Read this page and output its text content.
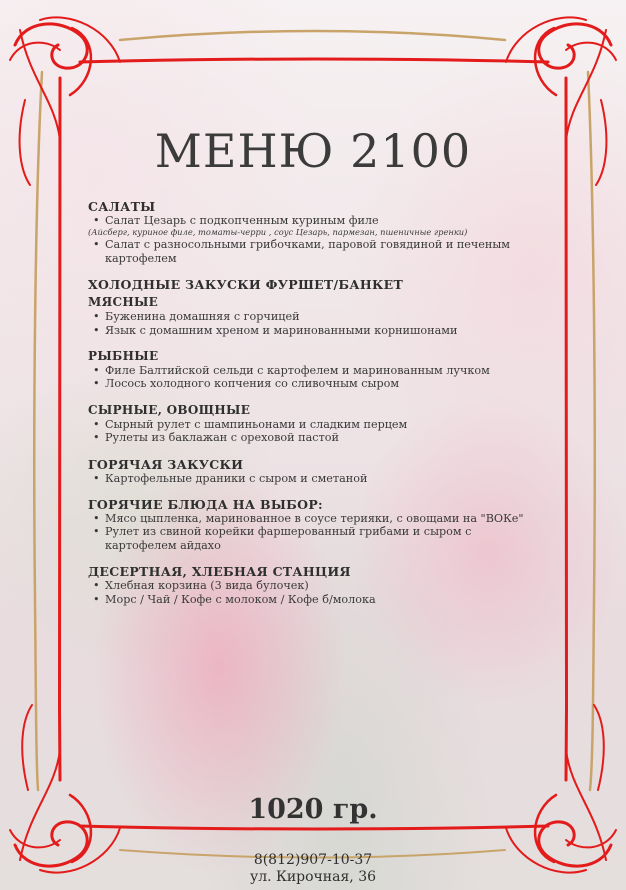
МЕНЮ 2100
САЛАТЫ
• Салат Цезарь с подкопченным куриным филе
(Айсберг, куриное филе, томаты-черри , соус Цезарь, пармезан, пшеничные гренки)
• Салат с разносольными грибочками, паровой говядиной и печеным картофелем
ХОЛОДНЫЕ ЗАКУСКИ ФУРШЕТ/БАНКЕТ
МЯСНЫЕ
• Буженина домашняя с горчицей
• Язык с домашним хреном и маринованными корнишонами
РЫБНЫЕ
• Филе Балтийской сельди с картофелем и маринованным лучком
• Лосось холодного копчения со сливочным сыром
СЫРНЫЕ, ОВОЩНЫЕ
• Сырный рулет с шампиньонами и сладким перцем
• Рулеты из баклажан с ореховой пастой
ГОРЯЧАЯ ЗАКУСКИ
• Картофельные драники с сыром и сметаной
ГОРЯЧИЕ БЛЮДА НА ВЫБОР:
• Мясо цыпленка, маринованное в соусе терияки, с овощами на "ВОКе"
• Рулет из свиной корейки фаршерованный грибами и сыром с картофелем айдахо
ДЕСЕРТНАЯ, ХЛЕБНАЯ СТАНЦИЯ
• Хлебная корзина (3 вида булочек)
• Морс / Чай / Кофе с молоком / Кофе б/молока
1020 гр.
8(812)907-10-37
ул. Кирочная, 36
